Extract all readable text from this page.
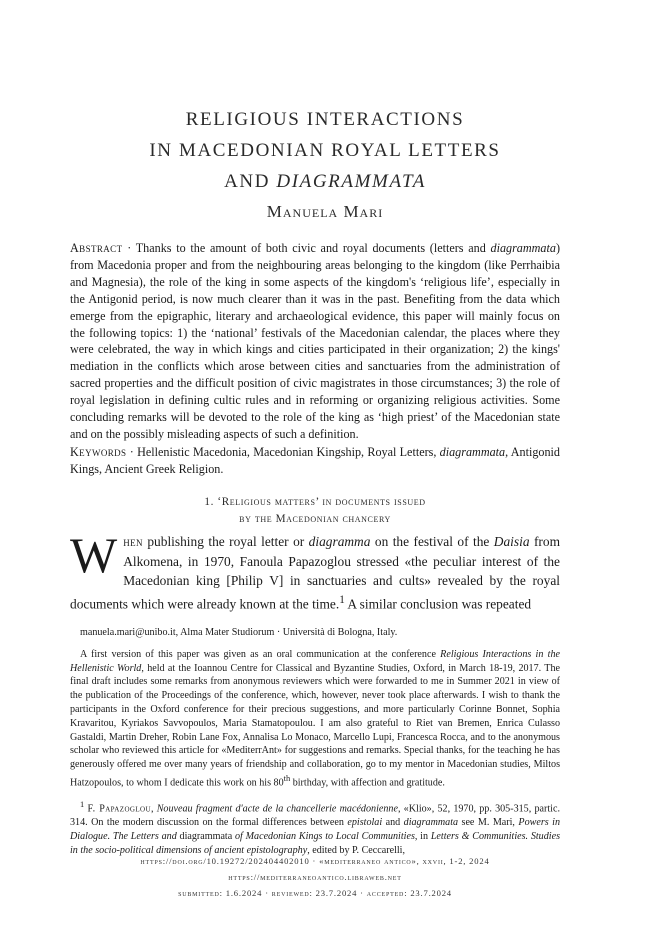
RELIGIOUS INTERACTIONS
IN MACEDONIAN ROYAL LETTERS
AND DIAGRAMMATA
Manuela Mari
Abstract · Thanks to the amount of both civic and royal documents (letters and diagrammata) from Macedonia proper and from the neighbouring areas belonging to the kingdom (like Perrhaibia and Magnesia), the role of the king in some aspects of the kingdom's ‘religious life’, especially in the Antigonid period, is now much clearer than it was in the past. Benefiting from the data which emerge from the epigraphic, literary and archaeological evidence, this paper will mainly focus on the following topics: 1) the ‘national’ festivals of the Macedonian calendar, the places where they were celebrated, the way in which kings and cities participated in their organization; 2) the kings' mediation in the conflicts which arose between cities and sanctuaries from the administration of sacred properties and the difficult position of civic magistrates in those circumstances; 3) the role of royal legislation in defining cultic rules and in reforming or organizing religious activities. Some concluding remarks will be devoted to the role of the king as ‘high priest’ of the Macedonian state and on the possibly misleading aspects of such a definition.
Keywords · Hellenistic Macedonia, Macedonian Kingship, Royal Letters, diagrammata, Antigonid Kings, Ancient Greek Religion.
1. ‘Religious matters’ in documents issued
by the Macedonian chancery
When publishing the royal letter or diagramma on the festival of the Daisia from Alkomena, in 1970, Fanoula Papazoglou stressed «the peculiar interest of the Macedonian king [Philip V] in sanctuaries and cults» revealed by the royal documents which were already known at the time.$^1$ A similar conclusion was repeated

manuela.mari@unibo.it, Alma Mater Studiorum · Università di Bologna, Italy.

A first version of this paper was given as an oral communication at the conference Religious Interactions in the Hellenistic World, held at the Ioannou Centre for Classical and Byzantine Studies, Oxford, in March 18-19, 2017. The final draft includes some remarks from anonymous reviewers which were forwarded to me in Summer 2021 in view of the publication of the Proceedings of the conference, which, however, never took place afterwards. I wish to thank the participants in the Oxford conference for their precious suggestions, and more particularly Corinne Bonnet, Sophia Kravaritou, Kyriakos Savvopoulos, Maria Stamatopoulou. I am also grateful to Riet van Bremen, Enrica Culasso Gastaldi, Martin Dreher, Robin Lane Fox, Annalisa Lo Monaco, Marcello Lupi, Francesca Rocca, and to the anonymous scholar who reviewed this article for «MediterrAnt» for suggestions and remarks. Special thanks, for the teaching he has generously offered me over many years of friendship and collaboration, go to my mentor in Macedonian studies, Miltos Hatzopoulos, to whom I dedicate this work on his 80th birthday, with affection and gratitude.

$^1$ F. Papazoglou, Nouveau fragment d'acte de la chancellerie macédonienne, «Klio», 52, 1970, pp. 305-315, partic. 314. On the modern discussion on the formal differences between epistolai and diagrammata see M. Mari, Powers in Dialogue. The Letters and diagrammata of Macedonian Kings to Local Communities, in Letters & Communities. Studies in the socio-political dimensions of ancient epistolography, edited by P. Ceccarelli,

https://doi.org/10.19272/202404402010 · «mediterraneo antico», xxvii, 1-2, 2024
https://mediterraneoantico.libraweb.net
submitted: 1.6.2024 · reviewed: 23.7.2024 · accepted: 23.7.2024
